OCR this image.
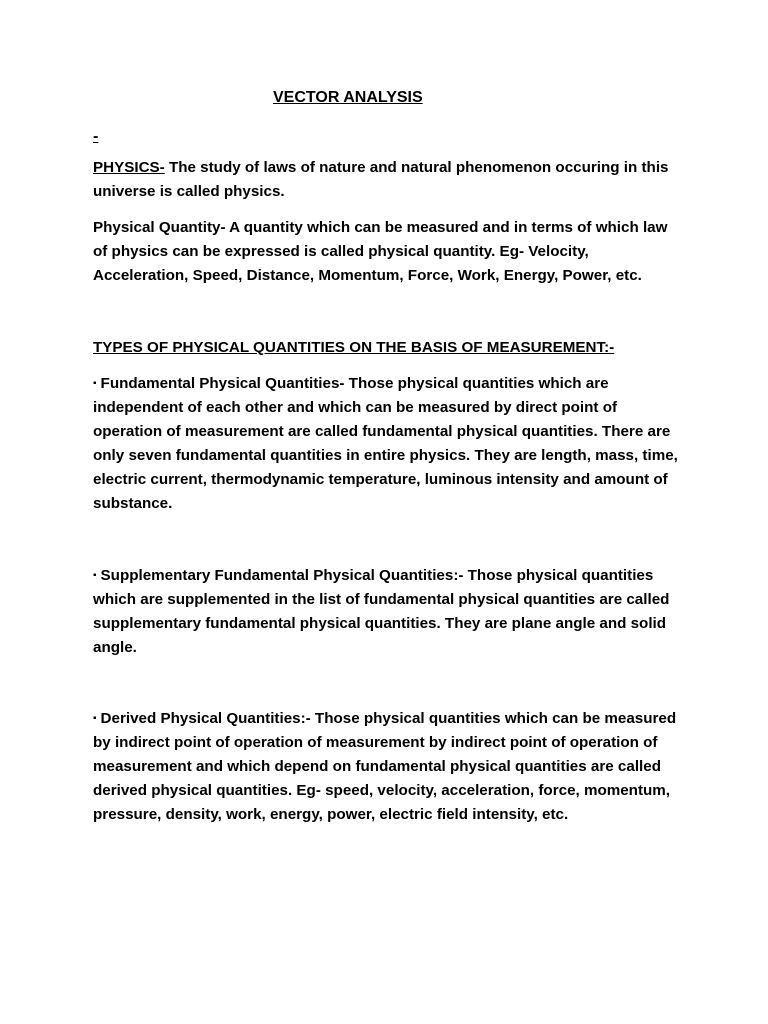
VECTOR ANALYSIS
-
PHYSICS- The study of laws of nature and natural phenomenon occuring in this universe is called physics.
Physical Quantity- A quantity which can be measured and in terms of which law of physics can be expressed is called physical quantity. Eg- Velocity, Acceleration, Speed, Distance, Momentum, Force, Work, Energy, Power, etc.
TYPES OF PHYSICAL QUANTITIES ON THE BASIS OF MEASUREMENT:-
▪ Fundamental Physical Quantities- Those physical quantities which are independent of each other and which can be measured by direct point of operation of measurement are called fundamental physical quantities. There are only seven fundamental quantities in entire physics. They are length, mass, time, electric current, thermodynamic temperature, luminous intensity and amount of substance.
▪ Supplementary Fundamental Physical Quantities:- Those physical quantities which are supplemented in the list of fundamental physical quantities are called supplementary fundamental physical quantities. They are plane angle and solid angle.
▪ Derived Physical Quantities:- Those physical quantities which can be measured by indirect point of operation of measurement by indirect point of operation of measurement and which depend on fundamental physical quantities are called derived physical quantities. Eg- speed, velocity, acceleration, force, momentum, pressure, density, work, energy, power, electric field intensity, etc.
